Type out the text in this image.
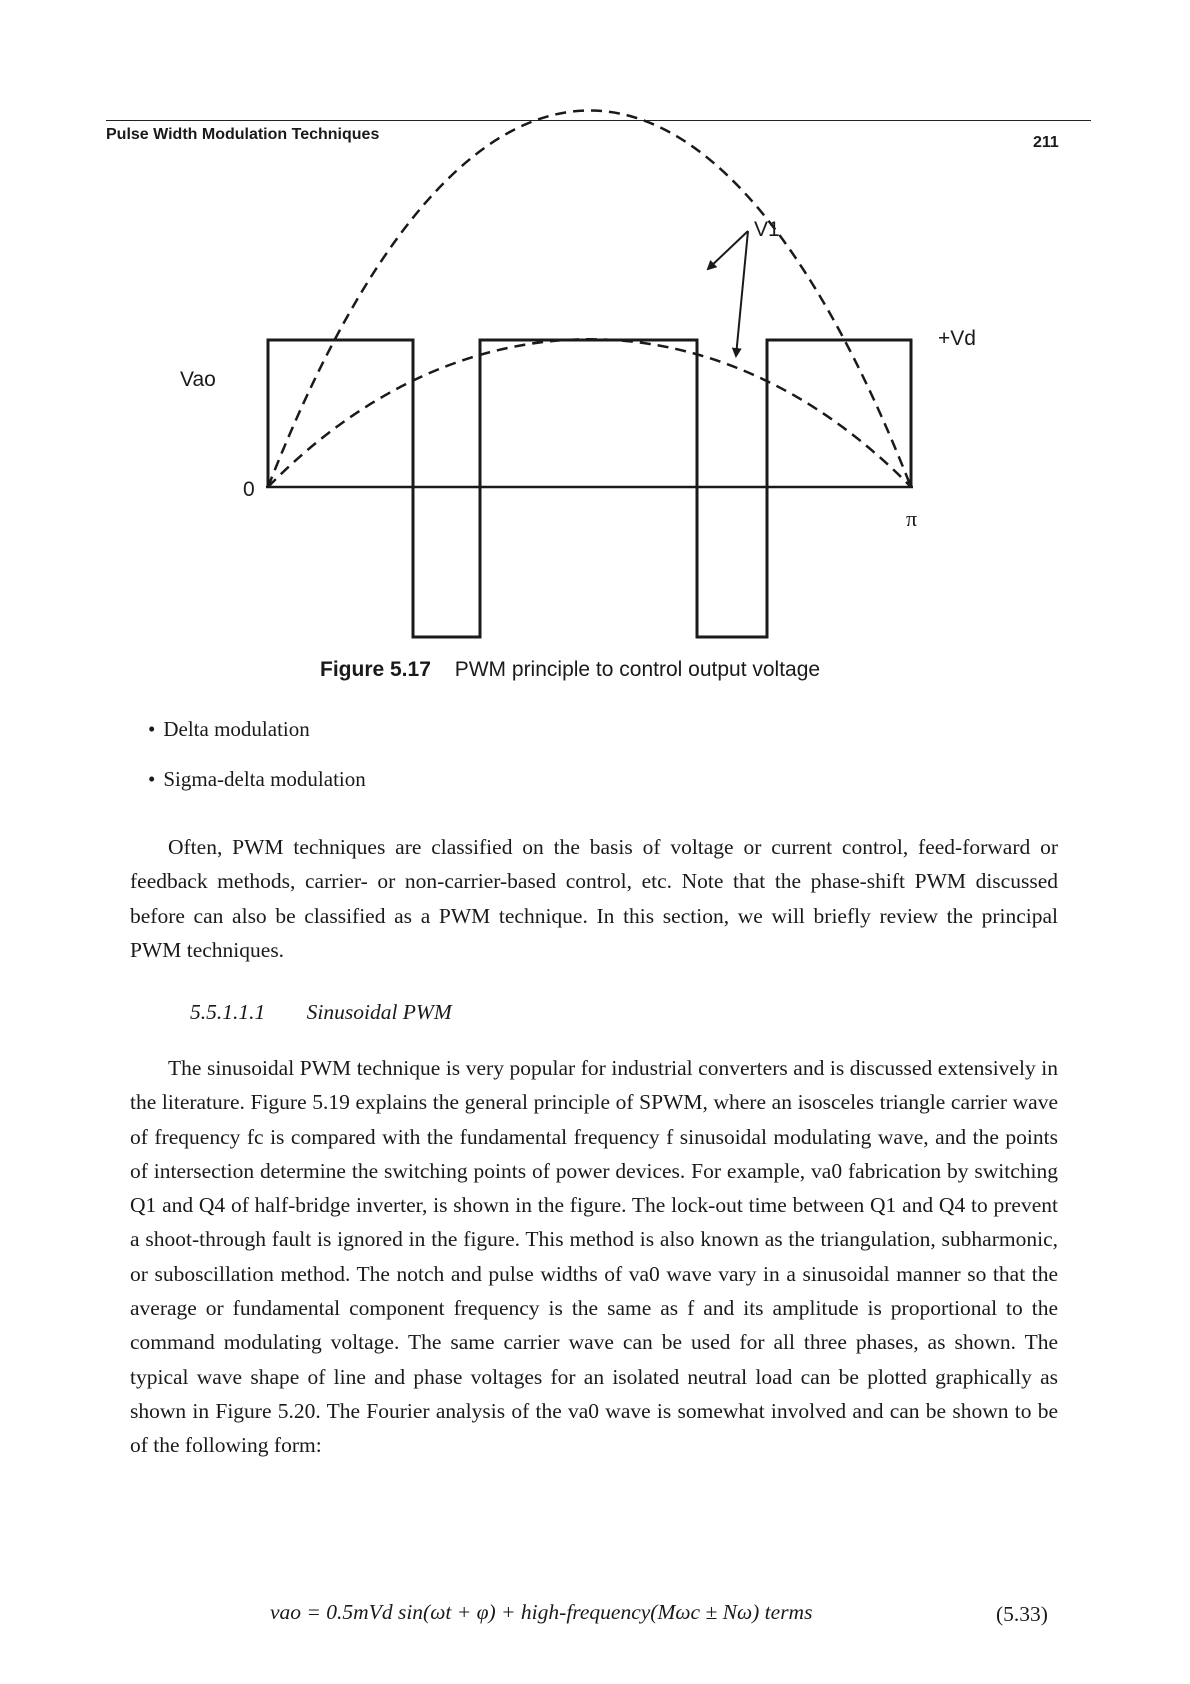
Pulse Width Modulation Techniques	211
V1
+Vd
Vao
0
π
Figure 5.17 PWM principle to control output voltage
• Delta modulation
• Sigma-delta modulation

Often, PWM techniques are classified on the basis of voltage or current control, feed-forward or feedback methods, carrier- or non-carrier-based control, etc. Note that the phase-shift PWM discussed before can also be classified as a PWM technique. In this section, we will briefly review the principal PWM techniques.

5.5.1.1.1 Sinusoidal PWM

The sinusoidal PWM technique is very popular for industrial converters and is discussed extensively in the literature. Figure 5.19 explains the general principle of SPWM, where an isosceles triangle carrier wave of frequency fc is compared with the fundamental frequency f sinusoidal modulating wave, and the points of intersection determine the switching points of power devices. For example, va0 fabrication by switching Q1 and Q4 of half-bridge inverter, is shown in the figure. The lock-out time between Q1 and Q4 to prevent a shoot-through fault is ignored in the figure. This method is also known as the triangulation, subharmonic, or suboscillation method. The notch and pulse widths of va0 wave vary in a sinusoidal manner so that the average or fundamental component frequency is the same as f and its amplitude is proportional to the command modulating voltage. The same carrier wave can be used for all three phases, as shown. The typical wave shape of line and phase voltages for an isolated neutral load can be plotted graphically as shown in Figure 5.20. The Fourier analysis of the va0 wave is somewhat involved and can be shown to be of the following form:

vao = 0.5mVd sin(ωt + φ) + high-frequency(Mωc ± Nω) terms	(5.33)
